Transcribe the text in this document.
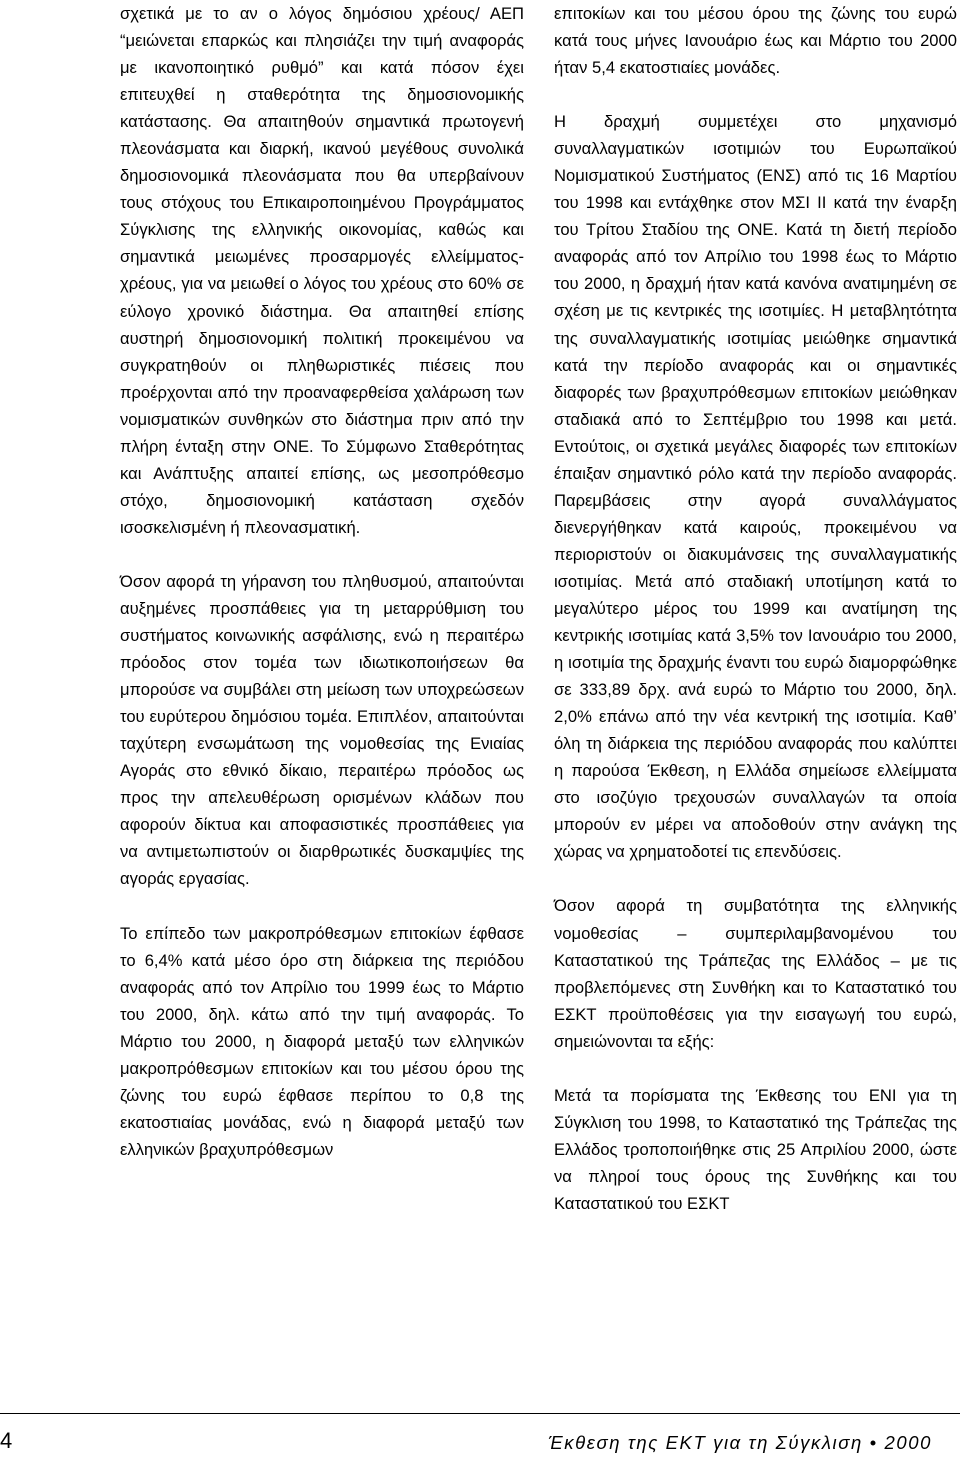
σχετικά με το αν ο λόγος δημόσιου χρέους/ ΑΕΠ “μειώνεται επαρκώς και πλησιάζει την τιμή αναφοράς με ικανοποιητικό ρυθμό” και κατά πόσον έχει επιτευχθεί η σταθερότητα της δημοσιονομικής κατάστασης. Θα απαιτηθούν σημαντικά πρωτογενή πλεονάσματα και διαρκή, ικανού μεγέθους συνολικά δημοσιονομικά πλεονάσματα που θα υπερβαίνουν τους στόχους του Επικαιροποιημένου Προγράμματος Σύγκλισης της ελληνικής οικονομίας, καθώς και σημαντικά μειωμένες προσαρμογές ελλείμματος-χρέους, για να μειωθεί ο λόγος του χρέους στο 60% σε εύλογο χρονικό διάστημα. Θα απαιτηθεί επίσης αυστηρή δημοσιονομική πολιτική προκειμένου να συγκρατηθούν οι πληθωριστικές πιέσεις που προέρχονται από την προαναφερθείσα χαλάρωση των νομισματικών συνθηκών στο διάστημα πριν από την πλήρη ένταξη στην ΟΝΕ. Το Σύμφωνο Σταθερότητας και Ανάπτυξης απαιτεί επίσης, ως μεσοπρόθεσμο στόχο, δημοσιονομική κατάσταση σχεδόν ισοσκελισμένη ή πλεονασματική.

Όσον αφορά τη γήρανση του πληθυσμού, απαιτούνται αυξημένες προσπάθειες για τη μεταρρύθμιση του συστήματος κοινωνικής ασφάλισης, ενώ η περαιτέρω πρόοδος στον τομέα των ιδιωτικοποιήσεων θα μπορούσε να συμβάλει στη μείωση των υποχρεώσεων του ευρύτερου δημόσιου τομέα. Επιπλέον, απαιτούνται ταχύτερη ενσωμάτωση της νομοθεσίας της Ενιαίας Αγοράς στο εθνικό δίκαιο, περαιτέρω πρόοδος ως προς την απελευθέρωση ορισμένων κλάδων που αφορούν δίκτυα και αποφασιστικές προσπάθειες για να αντιμετωπιστούν οι διαρθρωτικές δυσκαμψίες της αγοράς εργασίας.

Το επίπεδο των μακροπρόθεσμων επιτοκίων έφθασε το 6,4% κατά μέσο όρο στη διάρκεια της περιόδου αναφοράς από τον Απρίλιο του 1999 έως το Μάρτιο του 2000, δηλ. κάτω από την τιμή αναφοράς. Το Μάρτιο του 2000, η διαφορά μεταξύ των ελληνικών μακροπρόθεσμων επιτοκίων και του μέσου όρου της ζώνης του ευρώ έφθασε περίπου το 0,8 της εκατοστιαίας μονάδας, ενώ η διαφορά μεταξύ των ελληνικών βραχυπρόθεσμων

επιτοκίων και του μέσου όρου της ζώνης του ευρώ κατά τους μήνες Ιανουάριο έως και Μάρτιο του 2000 ήταν 5,4 εκατοστιαίες μονάδες.

Η δραχμή συμμετέχει στο μηχανισμό συναλλαγματικών ισοτιμιών του Ευρωπαϊκού Νομισματικού Συστήματος (ΕΝΣ) από τις 16 Μαρτίου του 1998 και εντάχθηκε στον ΜΣΙ ΙΙ κατά την έναρξη του Τρίτου Σταδίου της ΟΝΕ. Κατά τη διετή περίοδο αναφοράς από τον Απρίλιο του 1998 έως το Μάρτιο του 2000, η δραχμή ήταν κατά κανόνα ανατιμημένη σε σχέση με τις κεντρικές της ισοτιμίες. Η μεταβλητότητα της συναλλαγματικής ισοτιμίας μειώθηκε σημαντικά κατά την περίοδο αναφοράς και οι σημαντικές διαφορές των βραχυπρόθεσμων επιτοκίων μειώθηκαν σταδιακά από το Σεπτέμβριο του 1998 και μετά. Εντούτοις, οι σχετικά μεγάλες διαφορές των επιτοκίων έπαιξαν σημαντικό ρόλο κατά την περίοδο αναφοράς. Παρεμβάσεις στην αγορά συναλλάγματος διενεργήθηκαν κατά καιρούς, προκειμένου να περιοριστούν οι διακυμάνσεις της συναλλαγματικής ισοτιμίας. Μετά από σταδιακή υποτίμηση κατά το μεγαλύτερο μέρος του 1999 και ανατίμηση της κεντρικής ισοτιμίας κατά 3,5% τον Ιανουάριο του 2000, η ισοτιμία της δραχμής έναντι του ευρώ διαμορφώθηκε σε 333,89 δρχ. ανά ευρώ το Μάρτιο του 2000, δηλ. 2,0% επάνω από την νέα κεντρική της ισοτιμία. Καθ’ όλη τη διάρκεια της περιόδου αναφοράς που καλύπτει η παρούσα Έκθεση, η Ελλάδα σημείωσε ελλείμματα στο ισοζύγιο τρεχουσών συναλλαγών τα οποία μπορούν εν μέρει να αποδοθούν στην ανάγκη της χώρας να χρηματοδοτεί τις επενδύσεις.

Όσον αφορά τη συμβατότητα της ελληνικής νομοθεσίας – συμπεριλαμβανομένου του Καταστατικού της Τράπεζας της Ελλάδος – με τις προβλεπόμενες στη Συνθήκη και το Καταστατικό του ΕΣΚΤ προϋποθέσεις για την εισαγωγή του ευρώ, σημειώνονται τα εξής:

Μετά τα πορίσματα της Έκθεσης του ΕΝΙ για τη Σύγκλιση του 1998, το Καταστατικό της Τράπεζας της Ελλάδος τροποποιήθηκε στις 25 Απριλίου 2000, ώστε να πληροί τους όρους της Συνθήκης και του Καταστατικού του ΕΣΚΤ

4	Έκθεση της ΕΚΤ για τη Σύγκλιση • 2000
